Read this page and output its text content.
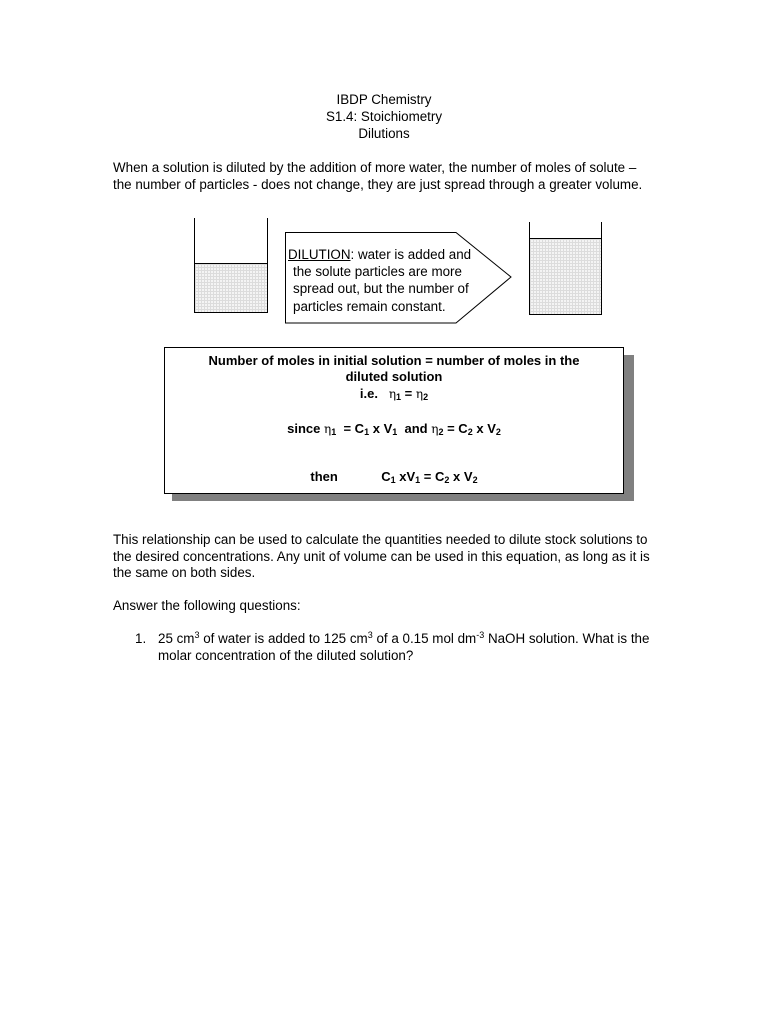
IBDP Chemistry
S1.4: Stoichiometry
Dilutions
When a solution is diluted by the addition of more water, the number of moles of solute – the number of particles - does not change, they are just spread through a greater volume.
DILUTION: water is added and
the solute particles are more
spread out, but the number of
particles remain constant.
Number of moles in initial solution = number of moles in the
diluted solution
i.e. $\eta_1 = \eta_2$
since $\eta_1 = C_1$ x $V_1$ and $\eta_2 = C_2$ x $V_2$
then	$C_1$ $xV_1 = C_2$ x $V_2$
This relationship can be used to calculate the quantities needed to dilute stock solutions to the desired concentrations. Any unit of volume can be used in this equation, as long as it is the same on both sides.
Answer the following questions:
1. 25 $cm^3$ of water is added to 125 $cm^3$ of a 0.15 mol $dm^{-3}$ NaOH solution. What is the molar concentration of the diluted solution?
